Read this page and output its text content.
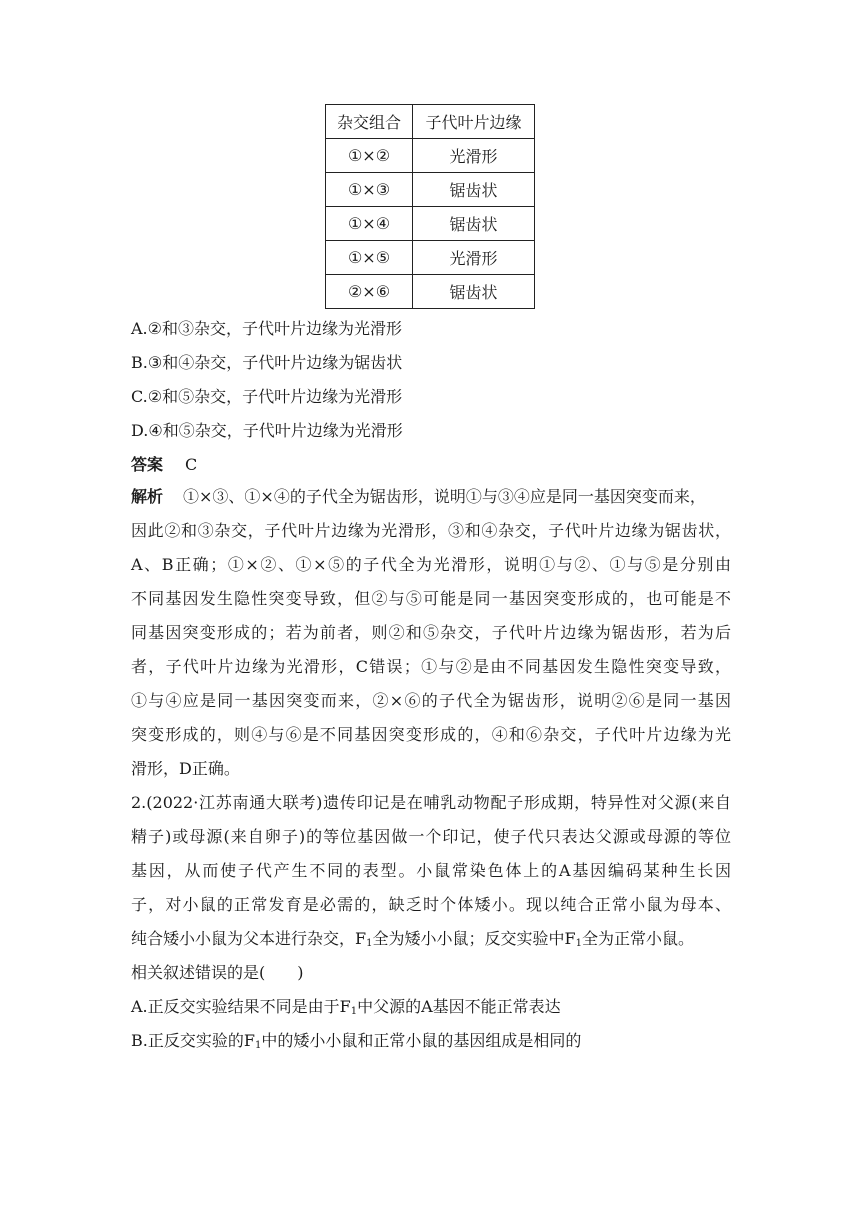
杂交组合	子代叶片边缘
①×②	光滑形
①×③	锯齿状
①×④	锯齿状
①×⑤	光滑形
②×⑥	锯齿状
A.②和③杂交，子代叶片边缘为光滑形
B.③和④杂交，子代叶片边缘为锯齿状
C.②和⑤杂交，子代叶片边缘为光滑形
D.④和⑤杂交，子代叶片边缘为光滑形
答案 C
解析 ①×③、①×④的子代全为锯齿形，说明①与③④应是同一基因突变而来，
因此②和③杂交，子代叶片边缘为光滑形，③和④杂交，子代叶片边缘为锯齿状，
A、B正确；①×②、①×⑤的子代全为光滑形，说明①与②、①与⑤是分别由
不同基因发生隐性突变导致，但②与⑤可能是同一基因突变形成的，也可能是不
同基因突变形成的；若为前者，则②和⑤杂交，子代叶片边缘为锯齿形，若为后
者，子代叶片边缘为光滑形，C错误；①与②是由不同基因发生隐性突变导致，
①与④应是同一基因突变而来，②×⑥的子代全为锯齿形，说明②⑥是同一基因
突变形成的，则④与⑥是不同基因突变形成的，④和⑥杂交，子代叶片边缘为光
滑形，D正确。
2.(2022·江苏南通大联考)遗传印记是在哺乳动物配子形成期，特异性对父源(来自
精子)或母源(来自卵子)的等位基因做一个印记，使子代只表达父源或母源的等位
基因，从而使子代产生不同的表型。小鼠常染色体上的A基因编码某种生长因
子，对小鼠的正常发育是必需的，缺乏时个体矮小。现以纯合正常小鼠为母本、
纯合矮小小鼠为父本进行杂交，$F_1$全为矮小小鼠；反交实验中$F_1$全为正常小鼠。
相关叙述错误的是(　　)
A.正反交实验结果不同是由于$F_1$中父源的A基因不能正常表达
B.正反交实验的$F_1$中的矮小小鼠和正常小鼠的基因组成是相同的
